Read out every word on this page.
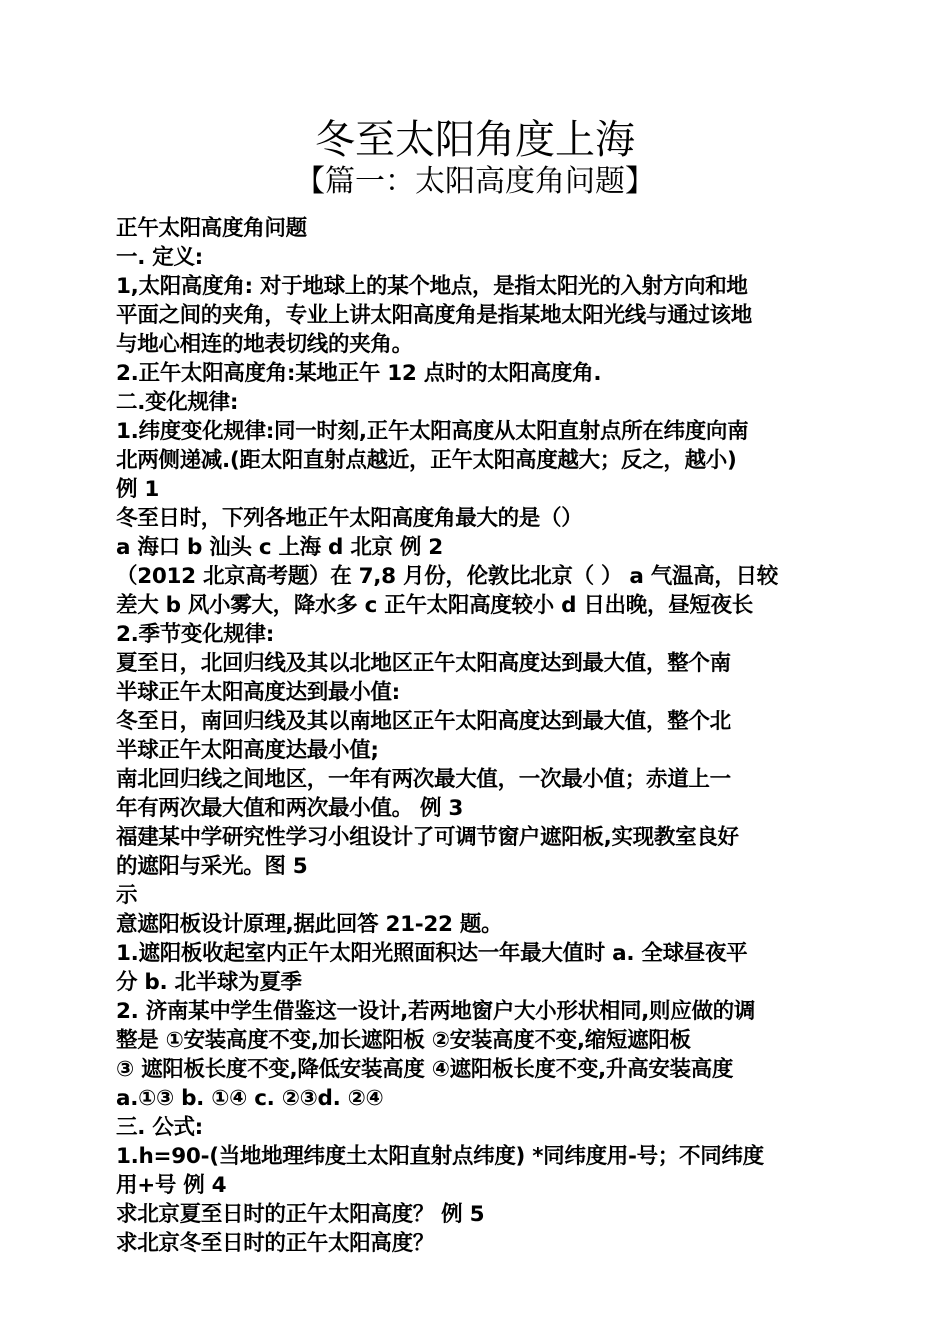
冬至太阳角度上海
【篇一：太阳高度角问题】

正午太阳高度角问题

一. 定义:

1,太阳高度角: 对于地球上的某个地点，是指太阳光的入射方向和地

平面之间的夹角，专业上讲太阳高度角是指某地太阳光线与通过该地

与地心相连的地表切线的夹角。

2.正午太阳高度角:某地正午 12 点时的太阳高度角.

二.变化规律:

1.纬度变化规律:同一时刻,正午太阳高度从太阳直射点所在纬度向南

北两侧递减.(距太阳直射点越近，正午太阳高度越大；反之，越小)

例 1

冬至日时，下列各地正午太阳高度角最大的是（）

a 海口 b 汕头 c 上海 d 北京 例 2

（2012 北京高考题）在 7,8 月份，伦敦比北京（ ） a 气温高，日较

差大 b 风小雾大，降水多 c 正午太阳高度较小 d 日出晚，昼短夜长

2.季节变化规律:

夏至日，北回归线及其以北地区正午太阳高度达到最大值，整个南

半球正午太阳高度达到最小值:

冬至日，南回归线及其以南地区正午太阳高度达到最大值，整个北

半球正午太阳高度达最小值;

南北回归线之间地区，一年有两次最大值，一次最小值；赤道上一

年有两次最大值和两次最小值。 例 3

福建某中学研究性学习小组设计了可调节窗户遮阳板,实现教室良好

的遮阳与采光。图 5

示

意遮阳板设计原理,据此回答 21-22 题。

1.遮阳板收起室内正午太阳光照面积达一年最大值时 a. 全球昼夜平

分 b. 北半球为夏季

2. 济南某中学生借鉴这一设计,若两地窗户大小形状相同,则应做的调

整是 ①安装高度不变,加长遮阳板 ②安装高度不变,缩短遮阳板

③ 遮阳板长度不变,降低安装高度 ④遮阳板长度不变,升高安装高度

a.①③ b. ①④ c. ②③d. ②④

三. 公式:

1.h=90-(当地地理纬度土太阳直射点纬度) *同纬度用-号；不同纬度

用+号 例 4

求北京夏至日时的正午太阳高度？ 例 5

求北京冬至日时的正午太阳高度？
